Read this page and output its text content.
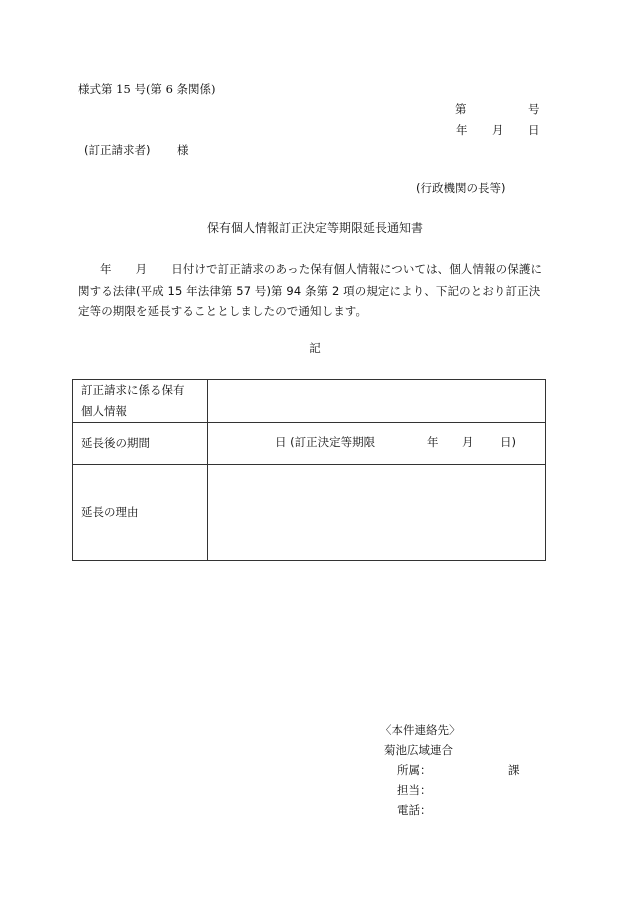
様式第 15 号(第 6 条関係)
第	号
年 月 日
(訂正請求者) 様
(行政機関の長等)
保有個人情報訂正決定等期限延長通知書
年 月 日付けで訂正請求のあった保有個人情報については、個人情報の保護に
関する法律(平成 15 年法律第 57 号)第 94 条第 2 項の規定により、下記のとおり訂正決
定等の期限を延長することとしましたので通知します。
記
訂正請求に係る保有
個人情報	
延長後の期間	日 (訂正決定等期限 年 月 日)

延長の理由	
〈本件連絡先〉
菊池広域連合
所属：	課
担当：
電話：
